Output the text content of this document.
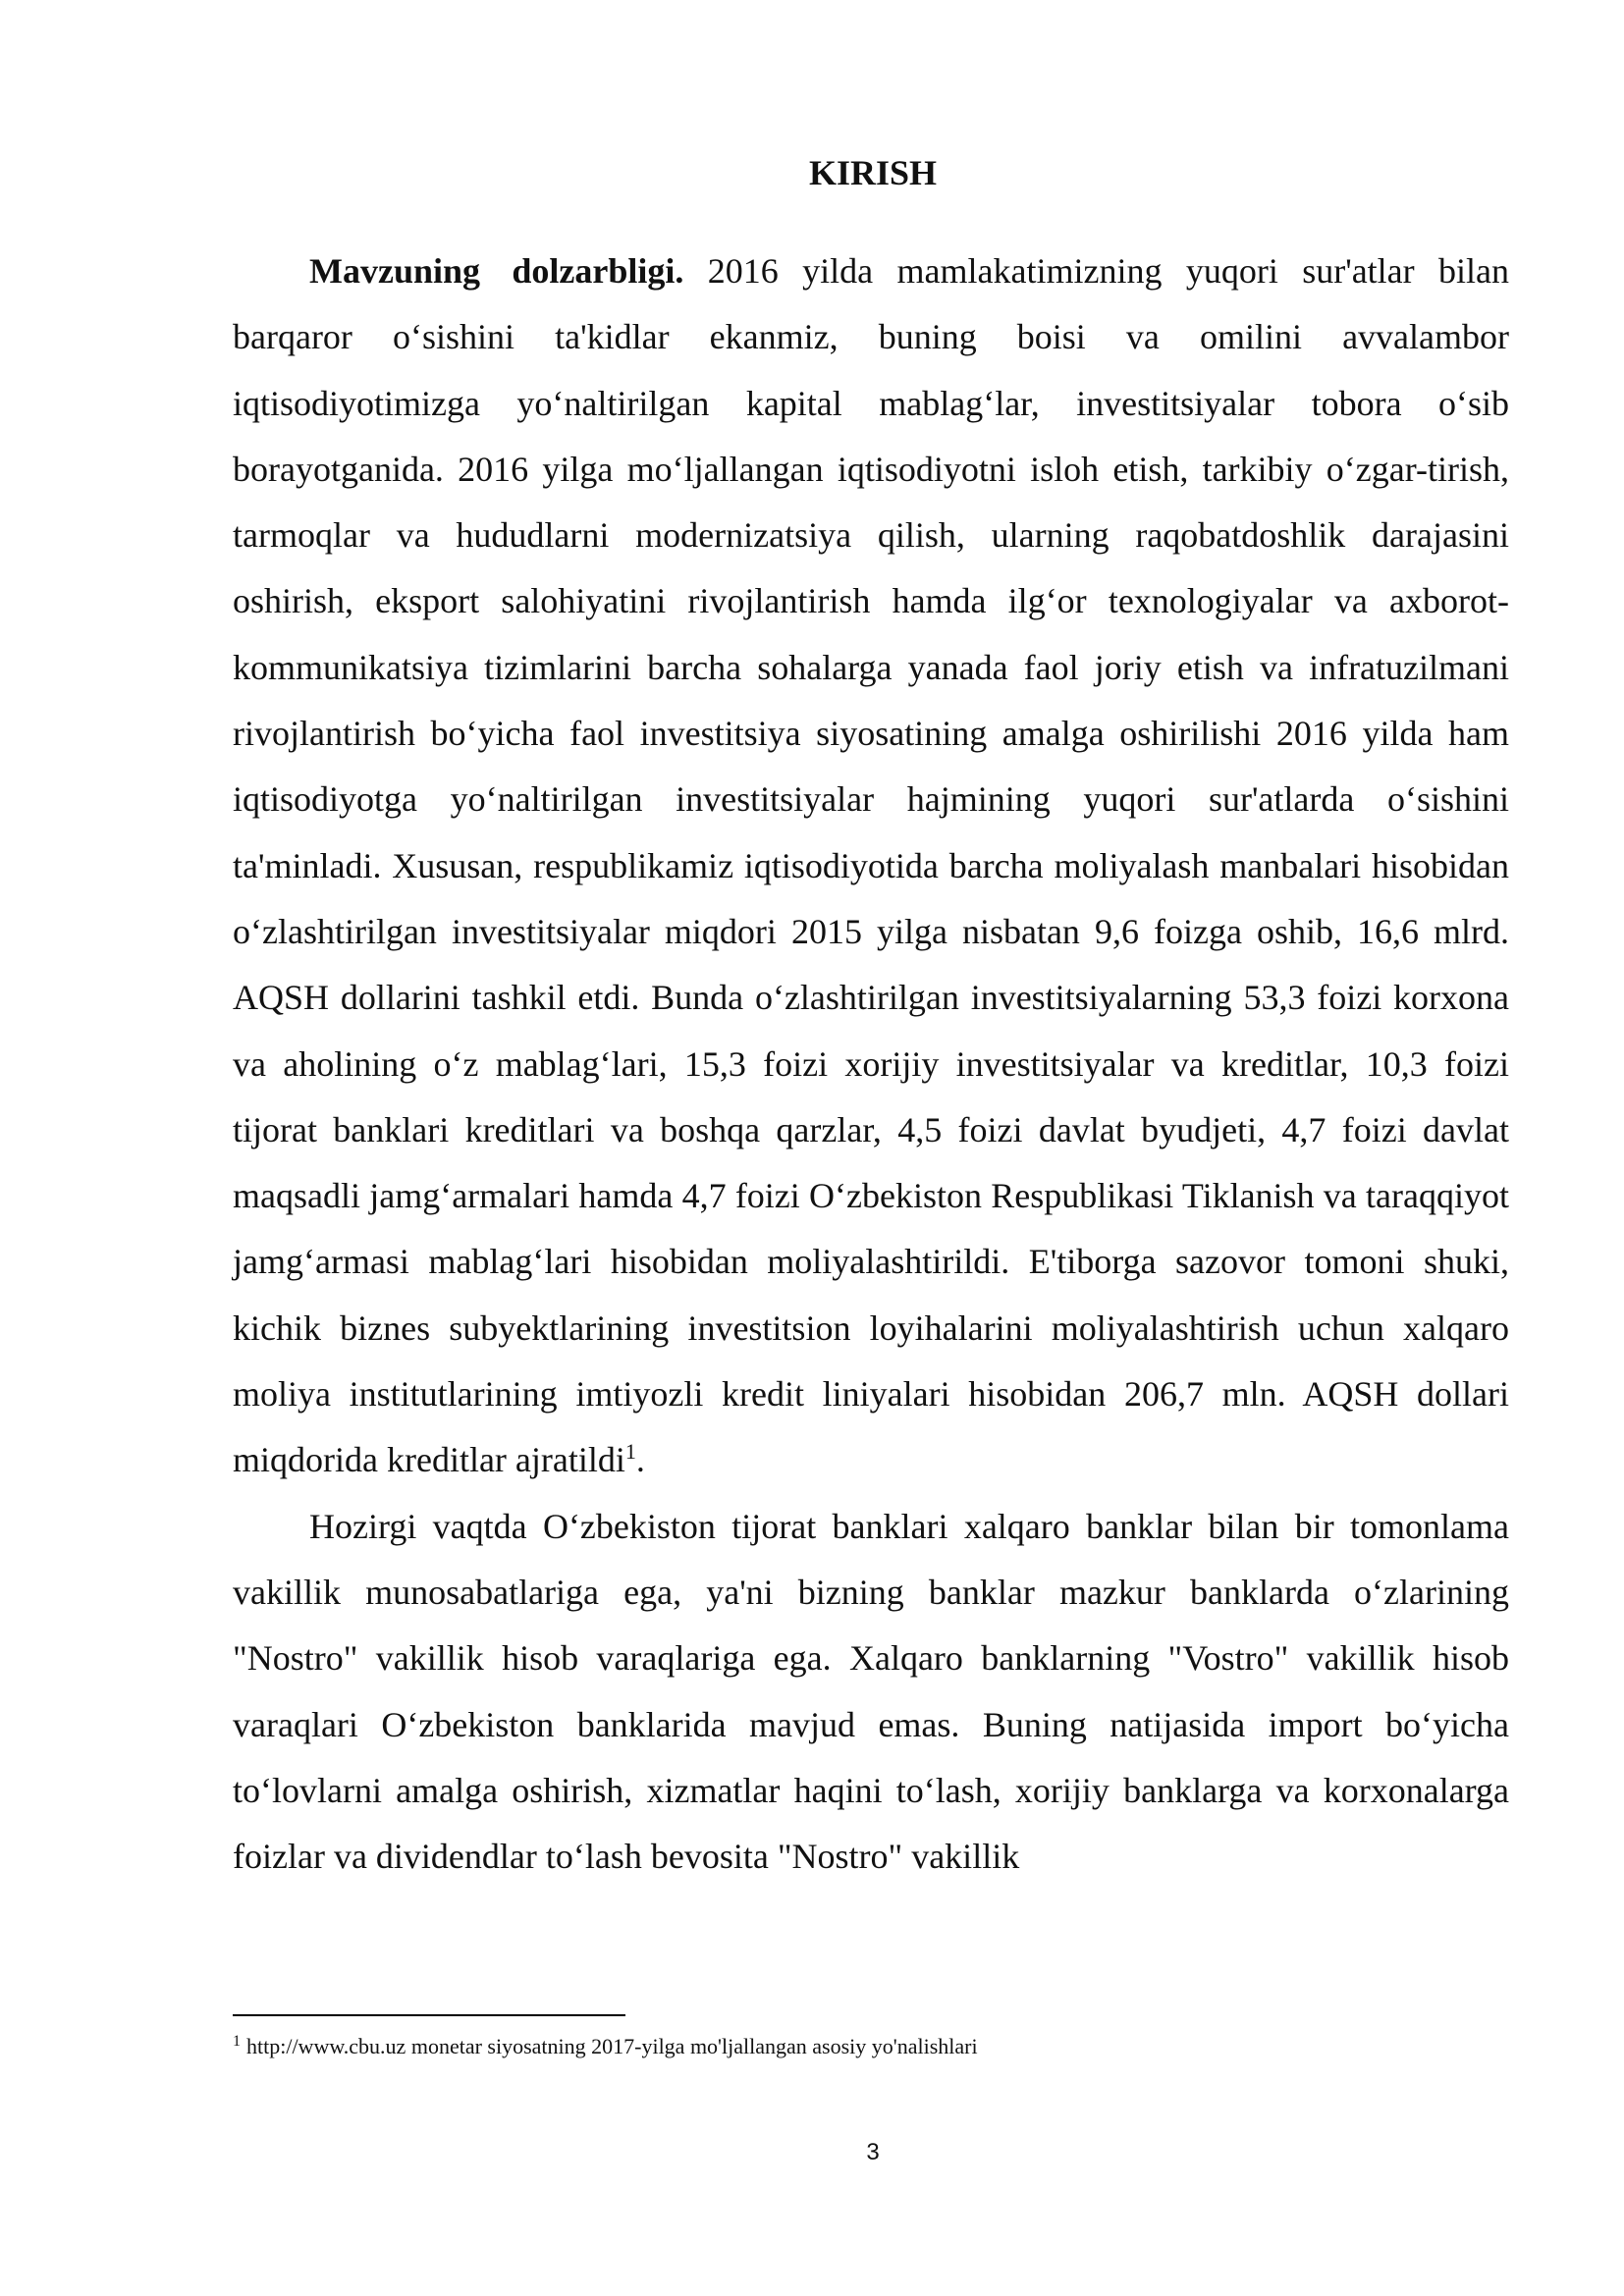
KIRISH

Mavzuning dolzarbligi. 2016 yilda mamlakatimizning yuqori sur'atlar bilan barqaror o‘sishini ta'kidlar ekanmiz, buning boisi va omilini avvalambor iqtisodiyotimizga yo‘naltirilgan kapital mablag‘lar, investitsiyalar tobora o‘sib borayotganida. 2016 yilga mo‘ljallangan iqtisodiyotni isloh etish, tarkibiy o‘zgar-tirish, tarmoqlar va hududlarni modernizatsiya qilish, ularning raqobatdoshlik darajasini oshirish, eksport salohiyatini rivojlantirish hamda ilg‘or texnologiyalar va axborot-kommunikatsiya tizimlarini barcha sohalarga yanada faol joriy etish va infratuzilmani rivojlantirish bo‘yicha faol investitsiya siyosatining amalga oshirilishi 2016 yilda ham iqtisodiyotga yo‘naltirilgan investitsiyalar hajmining yuqori sur'atlarda o‘sishini ta'minladi. Xususan, respublikamiz iqtisodiyotida barcha moliyalash manbalari hisobidan o‘zlashtirilgan investitsiyalar miqdori 2015 yilga nisbatan 9,6 foizga oshib, 16,6 mlrd. AQSH dollarini tashkil etdi. Bunda o‘zlashtirilgan investitsiyalarning 53,3 foizi korxona va aholining o‘z mablag‘lari, 15,3 foizi xorijiy investitsiyalar va kreditlar, 10,3 foizi tijorat banklari kreditlari va boshqa qarzlar, 4,5 foizi davlat byudjeti, 4,7 foizi davlat maqsadli jamg‘armalari hamda 4,7 foizi O‘zbekiston Respublikasi Tiklanish va taraqqiyot jamg‘armasi mablag‘lari hisobidan moliyalashtirildi. E'tiborga sazovor tomoni shuki, kichik biznes subyektlarining investitsion loyihalarini moliyalashtirish uchun xalqaro moliya institutlarining imtiyozli kredit liniyalari hisobidan 206,7 mln. AQSH dollari miqdorida kreditlar ajratildi$^1$.

Hozirgi vaqtda O‘zbekiston tijorat banklari xalqaro banklar bilan bir tomonlama vakillik munosabatlariga ega, ya'ni bizning banklar mazkur banklarda o‘zlarining "Nostro" vakillik hisob varaqlariga ega. Xalqaro banklarning "Vostro" vakillik hisob varaqlari O‘zbekiston banklarida mavjud emas. Buning natijasida import bo‘yicha to‘lovlarni amalga oshirish, xizmatlar haqini to‘lash, xorijiy banklarga va korxonalarga foizlar va dividendlar to‘lash bevosita "Nostro" vakillik

$^1$ http://www.cbu.uz monetar siyosatning 2017-yilga mo'ljallangan asosiy yo'nalishlari

3
